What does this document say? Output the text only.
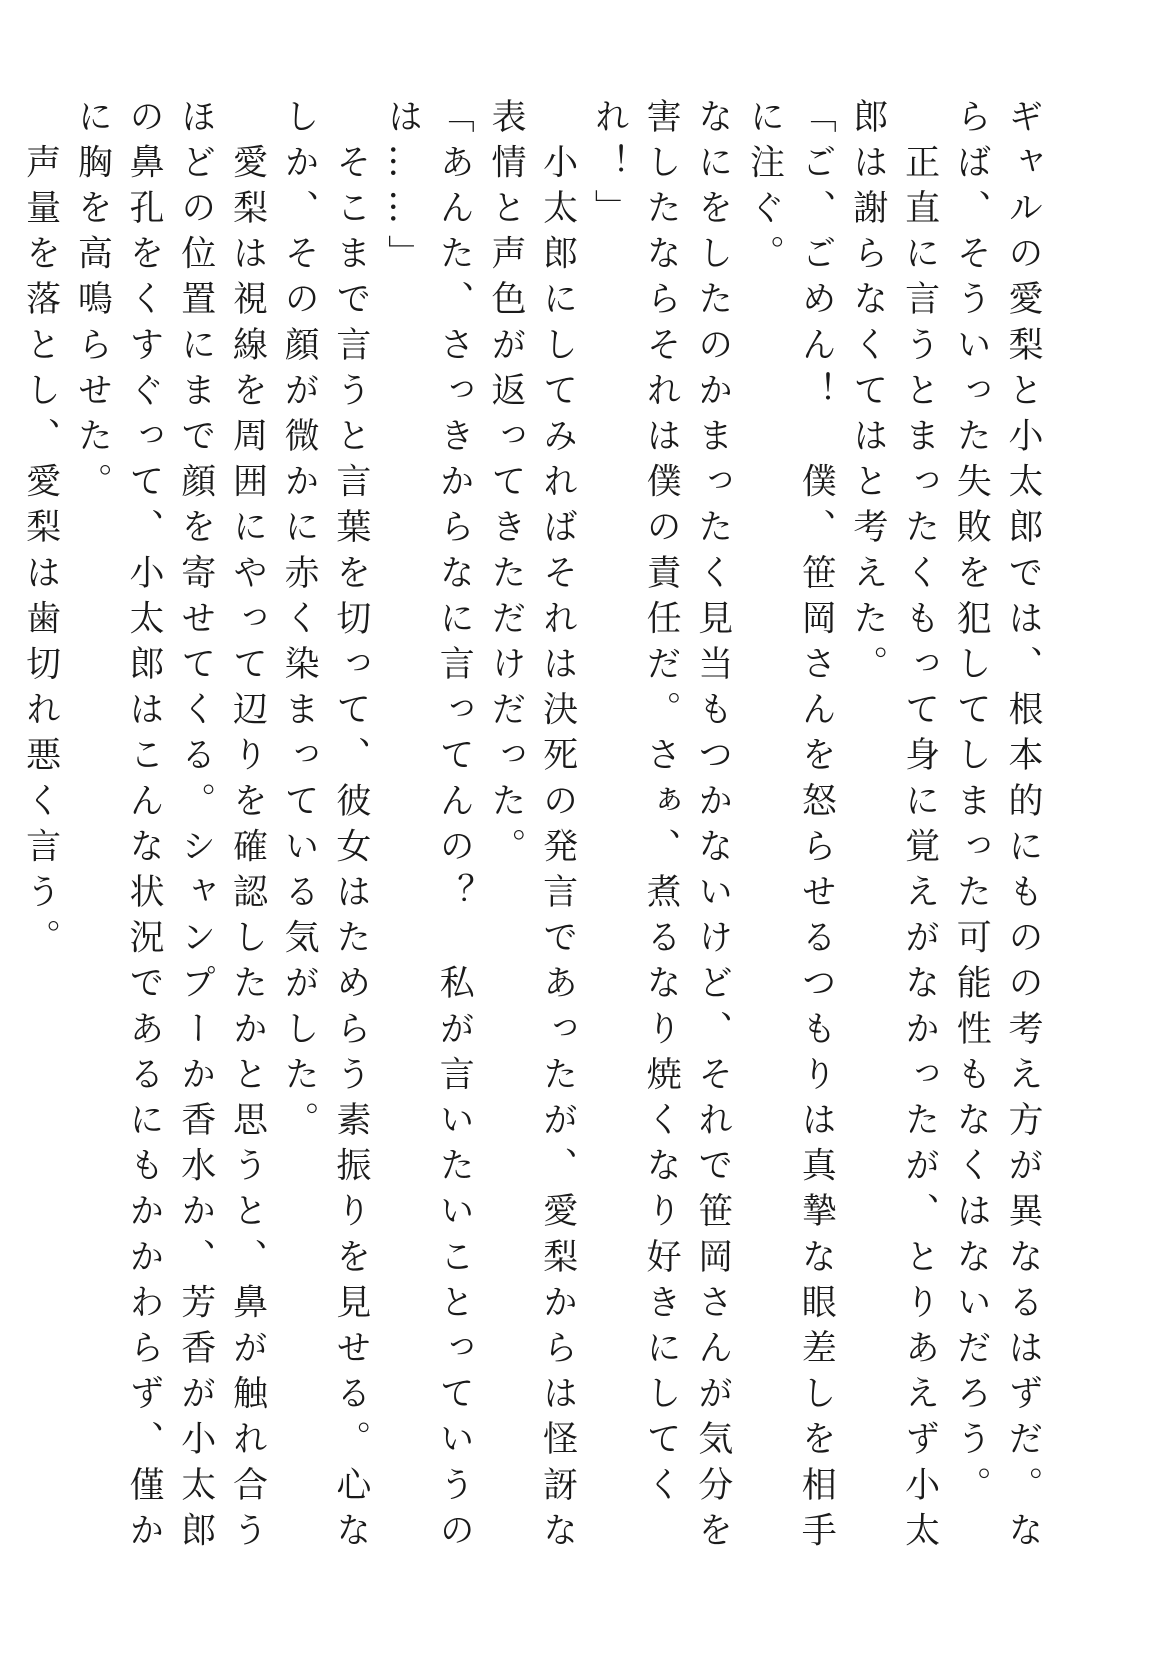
ギャルの愛梨と小太郎では、根本的にものの考え方が異なるはずだ。ならば、そういった失敗を犯してしまった可能性もなくはないだろう。

　正直に言うとまったくもって身に覚えがなかったが、とりあえず小太郎は謝らなくてはと考えた。

「ご、ごめん！　僕、笹岡さんを怒らせるつもりは真摯な眼差しを相手に注ぐ。

なにをしたのかまったく見当もつかないけど、それで笹岡さんが気分を害したならそれは僕の責任だ。さぁ、煮るなり焼くなり好きにしてくれ！」

　小太郎にしてみればそれは決死の発言であったが、愛梨からは怪訝な表情と声色が返ってきただけだった。

「あんた、さっきからなに言ってんの？　私が言いたいことっていうのは……」

　そこまで言うと言葉を切って、彼女はためらう素振りを見せる。心なしか、その顔が微かに赤く染まっている気がした。

　愛梨は視線を周囲にやって辺りを確認したかと思うと、鼻が触れ合うほどの位置にまで顔を寄せてくる。シャンプーか香水か、芳香が小太郎の鼻孔をくすぐって、小太郎はこんな状況であるにもかかわらず、僅かに胸を高鳴らせた。

　声量を落とし、愛梨は歯切れ悪く言う。
